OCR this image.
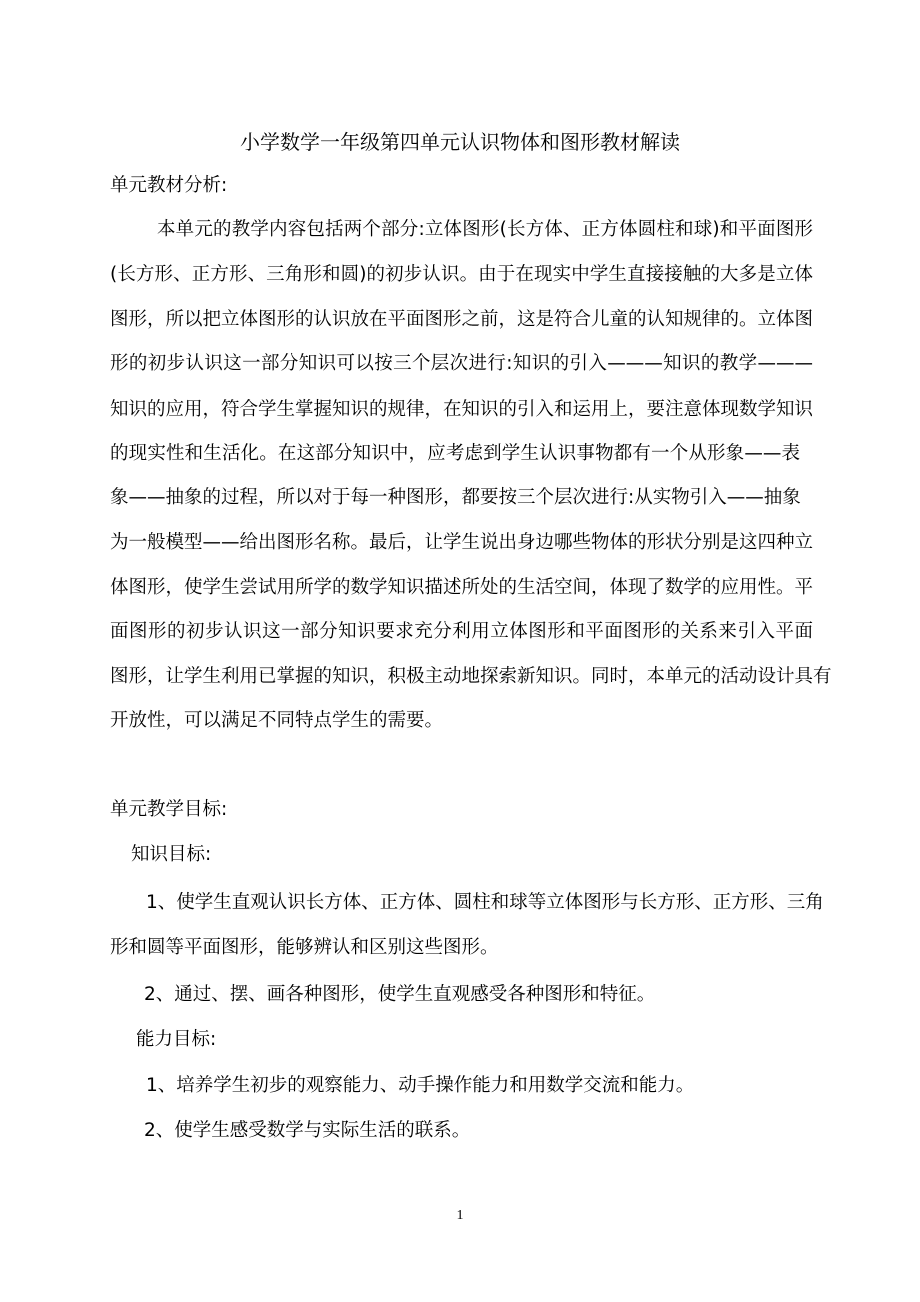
小学数学一年级第四单元认识物体和图形教材解读
单元教材分析:
本单元的教学内容包括两个部分:立体图形(长方体、正方体圆柱和球)和平面图形
(长方形、正方形、三角形和圆)的初步认识。由于在现实中学生直接接触的大多是立体
图形，所以把立体图形的认识放在平面图形之前，这是符合儿童的认知规律的。立体图
形的初步认识这一部分知识可以按三个层次进行:知识的引入———知识的教学———
知识的应用，符合学生掌握知识的规律，在知识的引入和运用上，要注意体现数学知识
的现实性和生活化。在这部分知识中，应考虑到学生认识事物都有一个从形象——表
象——抽象的过程，所以对于每一种图形，都要按三个层次进行:从实物引入——抽象
为一般模型——给出图形名称。最后，让学生说出身边哪些物体的形状分别是这四种立
体图形，使学生尝试用所学的数学知识描述所处的生活空间，体现了数学的应用性。平
面图形的初步认识这一部分知识要求充分利用立体图形和平面图形的关系来引入平面
图形，让学生利用已掌握的知识，积极主动地探索新知识。同时，本单元的活动设计具有
开放性，可以满足不同特点学生的需要。
单元教学目标:
知识目标:
1、使学生直观认识长方体、正方体、圆柱和球等立体图形与长方形、正方形、三角
形和圆等平面图形，能够辨认和区别这些图形。
2、通过、摆、画各种图形，使学生直观感受各种图形和特征。
能力目标:
1、培养学生初步的观察能力、动手操作能力和用数学交流和能力。
2、使学生感受数学与实际生活的联系。
1
